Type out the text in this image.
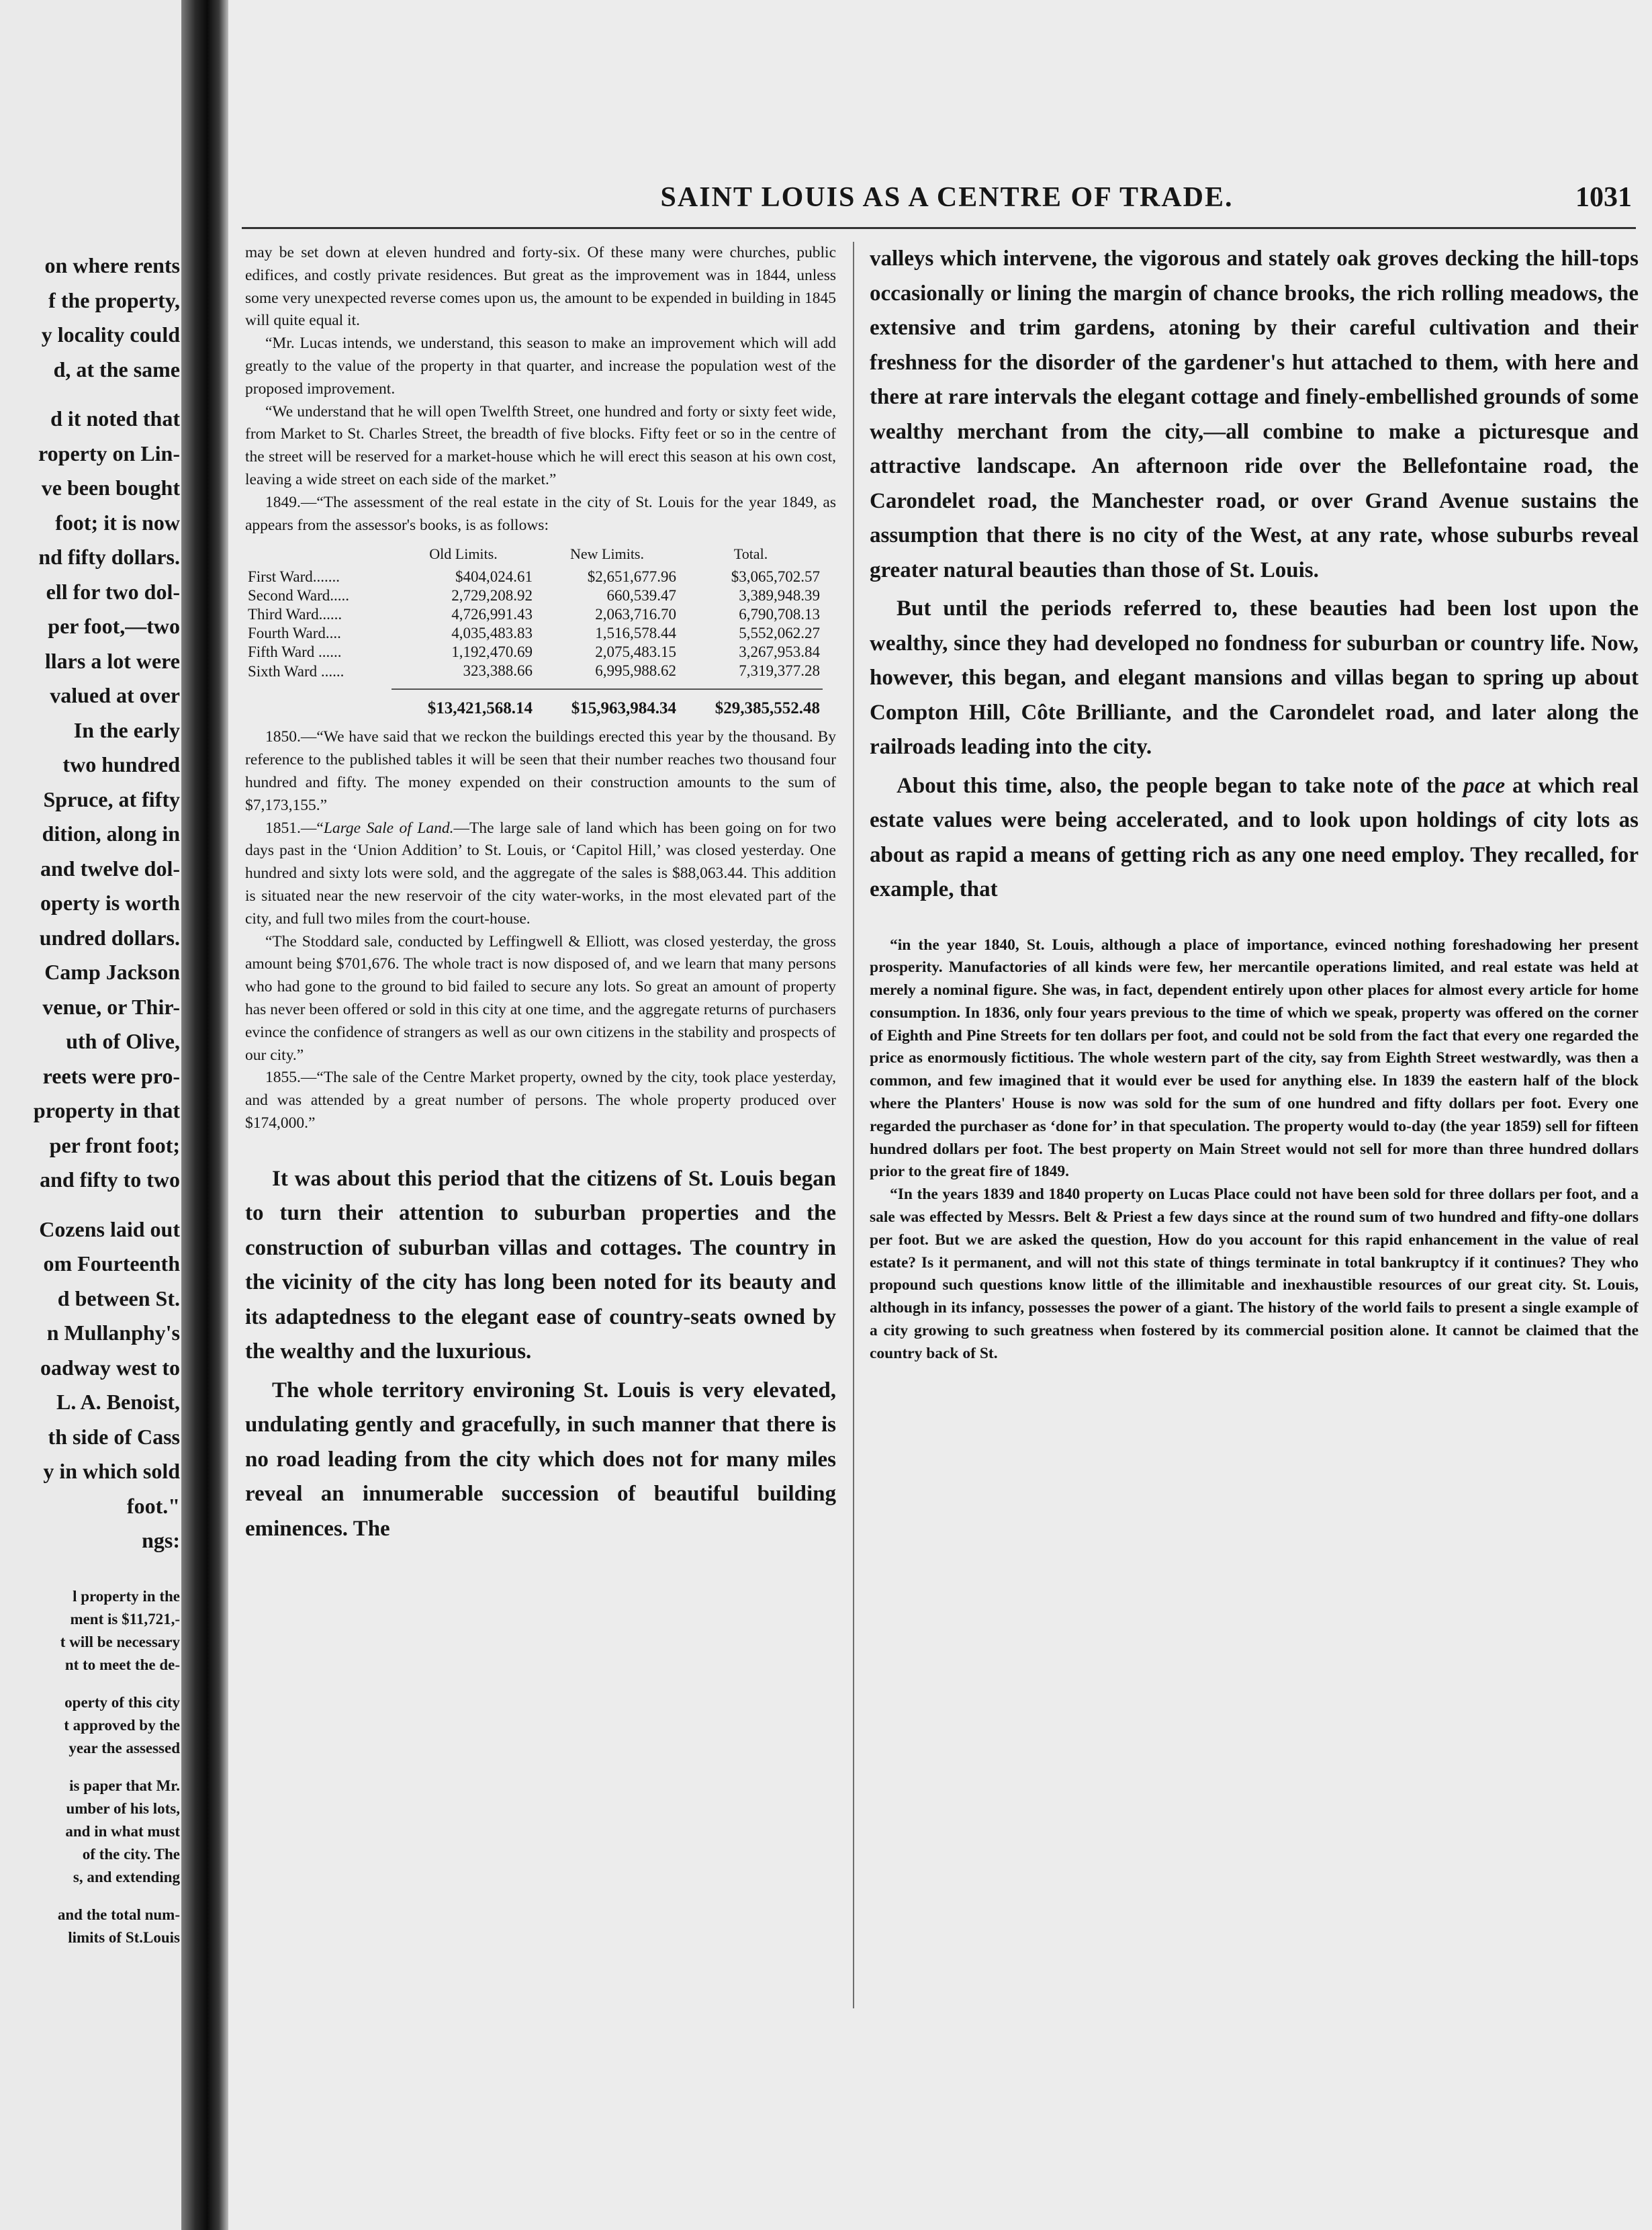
on where rents
f the property,
y locality could
d, at the same
d it noted that
roperty on Lin-
ve been bought
foot; it is now
nd fifty dollars.
ell for two dol-
per foot,—two
llars a lot were
valued at over
In the early
two hundred
Spruce, at fifty
dition, along in
and twelve dol-
operty is worth
undred dollars.
Camp Jackson
venue, or Thir-
uth of Olive,
reets were pro-
property in that
per front foot;
and fifty to two
Cozens laid out
om Fourteenth
d between St.
n Mullanphy's
oadway west to
L. A. Benoist,
th side of Cass
y in which sold
foot."
ngs:
l property in the
ment is $11,721,-
t will be necessary
nt to meet the de-
operty of this city
t approved by the
year the assessed
is paper that Mr.
umber of his lots,
and in what must
of the city. The
s, and extending
and the total num-
limits of St.Louis
SAINT LOUIS AS A CENTRE OF TRADE.	1031

may be set down at eleven hundred and forty-six. Of these many were churches, public edifices, and costly private residences. But great as the improvement was in 1844, unless some very unexpected reverse comes upon us, the amount to be expended in building in 1845 will quite equal it.

“Mr. Lucas intends, we understand, this season to make an improvement which will add greatly to the value of the property in that quarter, and increase the population west of the proposed improvement.

“We understand that he will open Twelfth Street, one hundred and forty or sixty feet wide, from Market to St. Charles Street, the breadth of five blocks. Fifty feet or so in the centre of the street will be reserved for a market-house which he will erect this season at his own cost, leaving a wide street on each side of the market.”

1849.—“The assessment of the real estate in the city of St. Louis for the year 1849, as appears from the assessor's books, is as follows:

	Old Limits.	New Limits.	Total.
First Ward.......	$404,024.61	$2,651,677.96	$3,065,702.57
Second Ward.....	2,729,208.92	660,539.47	3,389,948.39
Third Ward......	4,726,991.43	2,063,716.70	6,790,708.13
Fourth Ward....	4,035,483.83	1,516,578.44	5,552,062.27
Fifth Ward ......	1,192,470.69	2,075,483.15	3,267,953.84
Sixth Ward ......	323,388.66	6,995,988.62	7,319,377.28
	$13,421,568.14	$15,963,984.34	$29,385,552.48

1850.—“We have said that we reckon the buildings erected this year by the thousand. By reference to the published tables it will be seen that their number reaches two thousand four hundred and fifty. The money expended on their construction amounts to the sum of $7,173,155.”

1851.—“Large Sale of Land.—The large sale of land which has been going on for two days past in the ‘Union Addition’ to St. Louis, or ‘Capitol Hill,’ was closed yesterday. One hundred and sixty lots were sold, and the aggregate of the sales is $88,063.44. This addition is situated near the new reservoir of the city water-works, in the most elevated part of the city, and full two miles from the court-house.

“The Stoddard sale, conducted by Leffingwell & Elliott, was closed yesterday, the gross amount being $701,676. The whole tract is now disposed of, and we learn that many persons who had gone to the ground to bid failed to secure any lots. So great an amount of property has never been offered or sold in this city at one time, and the aggregate returns of purchasers evince the confidence of strangers as well as our own citizens in the stability and prospects of our city.”

1855.—“The sale of the Centre Market property, owned by the city, took place yesterday, and was attended by a great number of persons. The whole property produced over $174,000.”

It was about this period that the citizens of St. Louis began to turn their attention to suburban properties and the construction of suburban villas and cottages. The country in the vicinity of the city has long been noted for its beauty and its adaptedness to the elegant ease of country-seats owned by the wealthy and the luxurious.

The whole territory environing St. Louis is very elevated, undulating gently and gracefully, in such manner that there is no road leading from the city which does not for many miles reveal an innumerable succession of beautiful building eminences. The

valleys which intervene, the vigorous and stately oak groves decking the hill-tops occasionally or lining the margin of chance brooks, the rich rolling meadows, the extensive and trim gardens, atoning by their careful cultivation and their freshness for the disorder of the gardener's hut attached to them, with here and there at rare intervals the elegant cottage and finely-embellished grounds of some wealthy merchant from the city,—all combine to make a picturesque and attractive landscape. An afternoon ride over the Bellefontaine road, the Carondelet road, the Manchester road, or over Grand Avenue sustains the assumption that there is no city of the West, at any rate, whose suburbs reveal greater natural beauties than those of St. Louis.

But until the periods referred to, these beauties had been lost upon the wealthy, since they had developed no fondness for suburban or country life. Now, however, this began, and elegant mansions and villas began to spring up about Compton Hill, Côte Brilliante, and the Carondelet road, and later along the railroads leading into the city.

About this time, also, the people began to take note of the pace at which real estate values were being accelerated, and to look upon holdings of city lots as about as rapid a means of getting rich as any one need employ. They recalled, for example, that

“in the year 1840, St. Louis, although a place of importance, evinced nothing foreshadowing her present prosperity. Manufactories of all kinds were few, her mercantile operations limited, and real estate was held at merely a nominal figure. She was, in fact, dependent entirely upon other places for almost every article for home consumption. In 1836, only four years previous to the time of which we speak, property was offered on the corner of Eighth and Pine Streets for ten dollars per foot, and could not be sold from the fact that every one regarded the price as enormously fictitious. The whole western part of the city, say from Eighth Street westwardly, was then a common, and few imagined that it would ever be used for anything else. In 1839 the eastern half of the block where the Planters' House is now was sold for the sum of one hundred and fifty dollars per foot. Every one regarded the purchaser as ‘done for’ in that speculation. The property would to-day (the year 1859) sell for fifteen hundred dollars per foot. The best property on Main Street would not sell for more than three hundred dollars prior to the great fire of 1849.

“In the years 1839 and 1840 property on Lucas Place could not have been sold for three dollars per foot, and a sale was effected by Messrs. Belt & Priest a few days since at the round sum of two hundred and fifty-one dollars per foot. But we are asked the question, How do you account for this rapid enhancement in the value of real estate? Is it permanent, and will not this state of things terminate in total bankruptcy if it continues? They who propound such questions know little of the illimitable and inexhaustible resources of our great city. St. Louis, although in its infancy, possesses the power of a giant. The history of the world fails to present a single example of a city growing to such greatness when fostered by its commercial position alone. It cannot be claimed that the country back of St.
